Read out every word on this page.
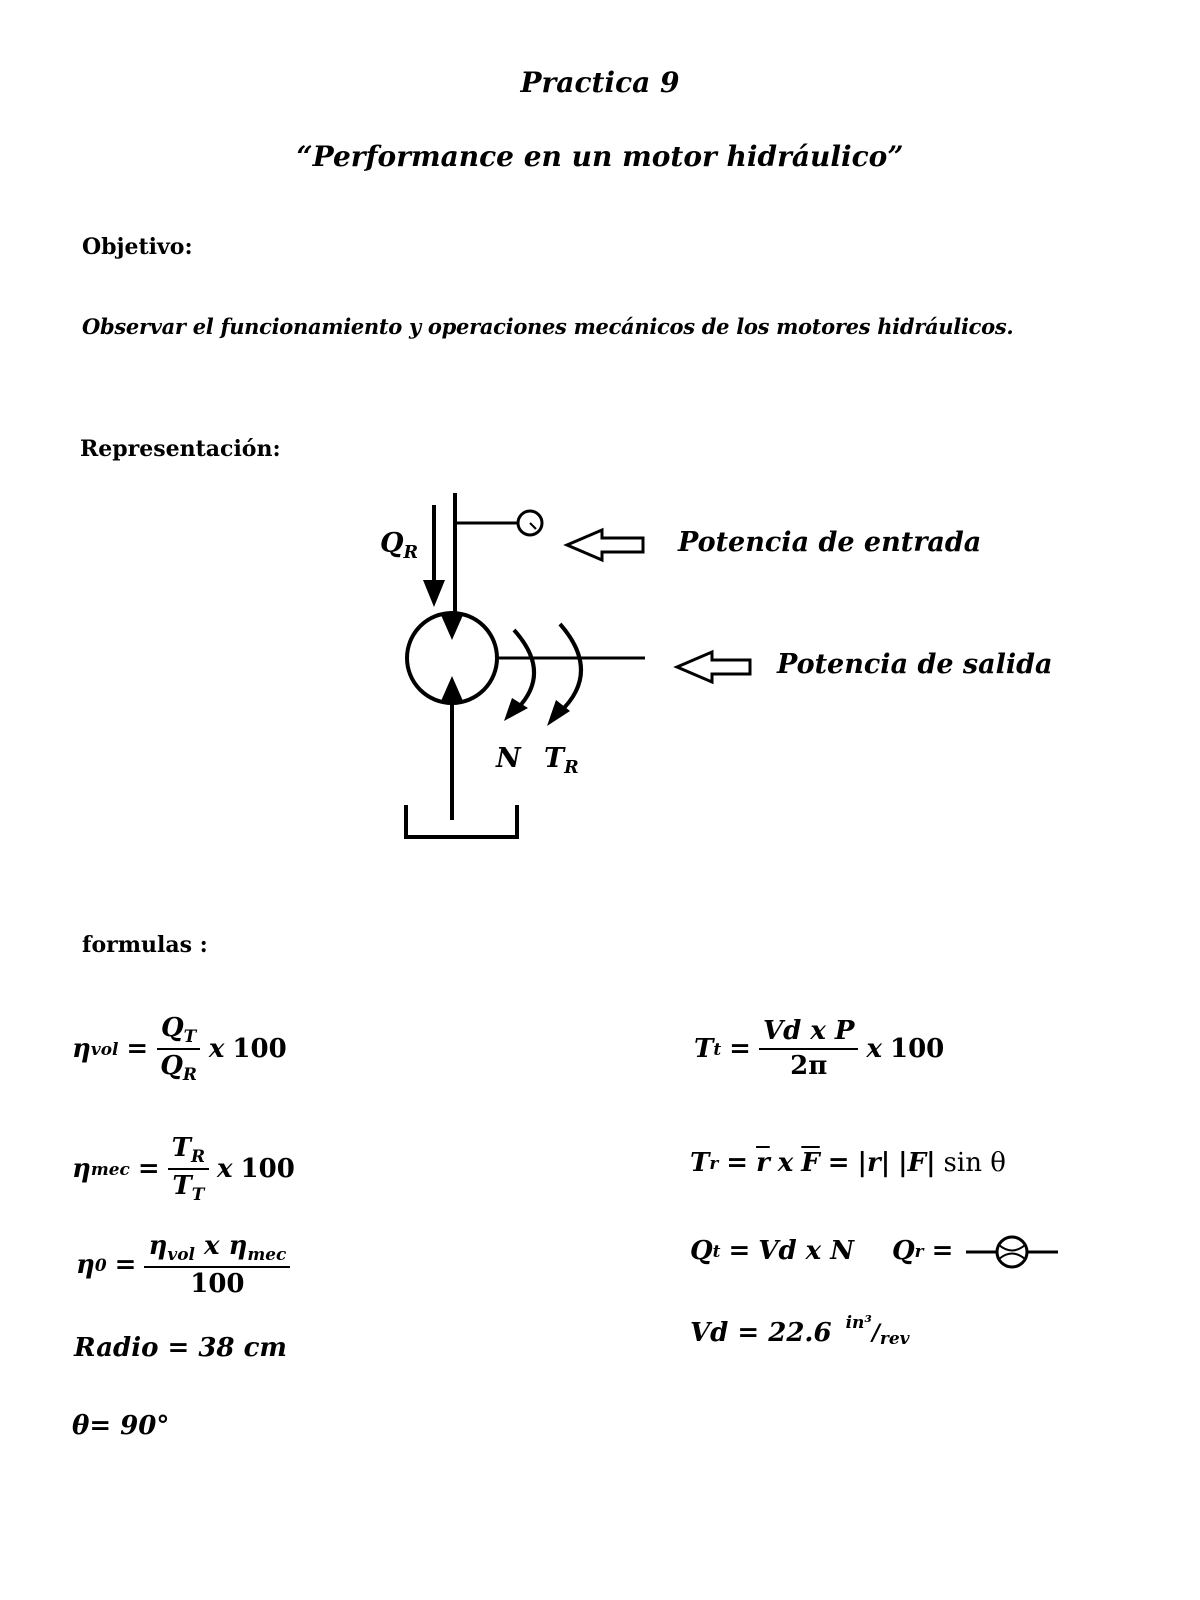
Practica 9
“Performance en un motor hidráulico”
Objetivo:
Observar el funcionamiento y operaciones mecánicos de los motores hidráulicos.
Representación:
$Q_R$	Potencia de entrada
Potencia de salida
N $T_R$
formulas :
η vol = $\frac{Q_T}{Q_R}$ x 100
η mec = $\frac{T_R}{T_T}$ x 100
η $0 = \frac{\eta_{vol} x \eta_{mec}}{100}$
Radio = 38 cm
θ= 90°
T $t = \frac{\text{Vd x P}}{2\pi}$ x 100
T $r = \overline{r}$ x $\overline{F} = |r|$ |F| sin θ
Q t = Vd x N Q r =
Vd = 22.6 in³ / rev
